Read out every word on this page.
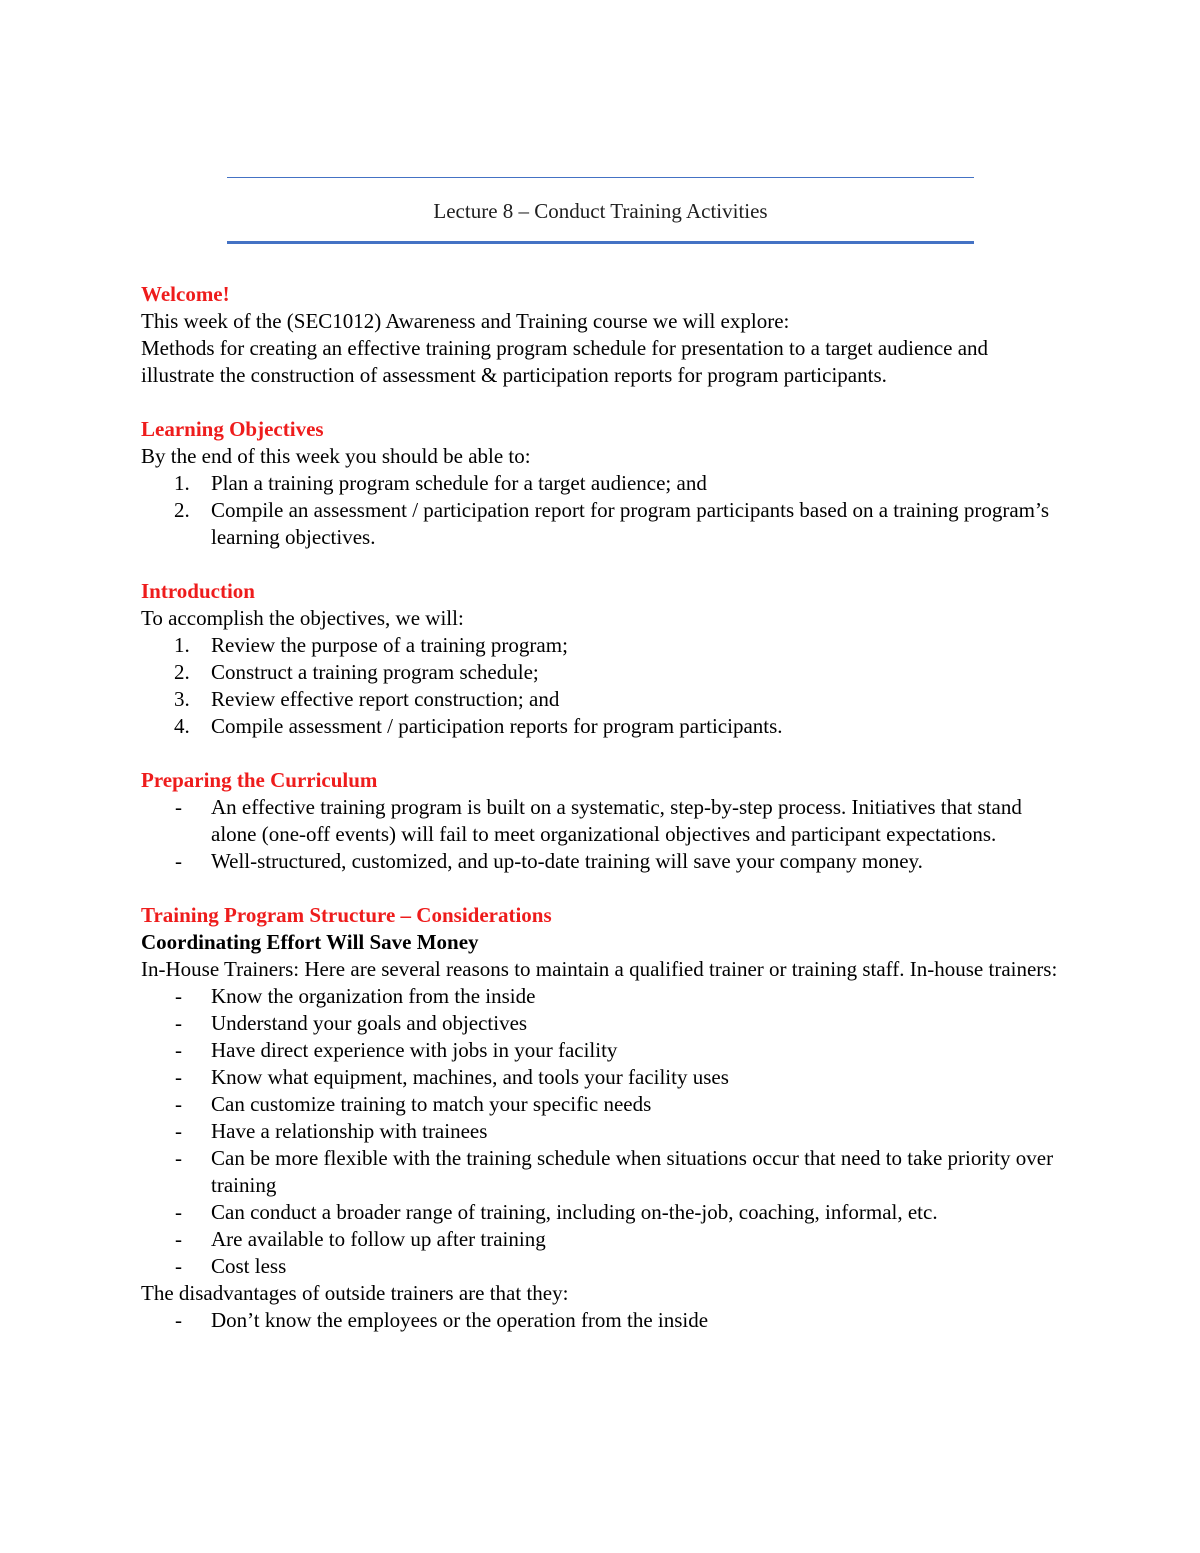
Lecture 8 – Conduct Training Activities
Welcome!

This week of the (SEC1012) Awareness and Training course we will explore:

Methods for creating an effective training program schedule for presentation to a target audience and illustrate the construction of assessment & participation reports for program participants.

Learning Objectives

By the end of this week you should be able to:

1. Plan a training program schedule for a target audience; and
2. Compile an assessment / participation report for program participants based on a training program’s learning objectives.
Introduction

To accomplish the objectives, we will:

1. Review the purpose of a training program;
2. Construct a training program schedule;
3. Review effective report construction; and
4. Compile assessment / participation reports for program participants.
Preparing the Curriculum
- An effective training program is built on a systematic, step-by-step process. Initiatives that stand alone (one-off events) will fail to meet organizational objectives and participant expectations.
- Well-structured, customized, and up-to-date training will save your company money.
Training Program Structure – Considerations
Coordinating Effort Will Save Money

In-House Trainers: Here are several reasons to maintain a qualified trainer or training staff. In-house trainers:

- Know the organization from the inside
- Understand your goals and objectives
- Have direct experience with jobs in your facility
- Know what equipment, machines, and tools your facility uses
- Can customize training to match your specific needs
- Have a relationship with trainees
- Can be more flexible with the training schedule when situations occur that need to take priority over training
- Can conduct a broader range of training, including on-the-job, coaching, informal, etc.
- Are available to follow up after training
- Cost less

The disadvantages of outside trainers are that they:

- Don’t know the employees or the operation from the inside
